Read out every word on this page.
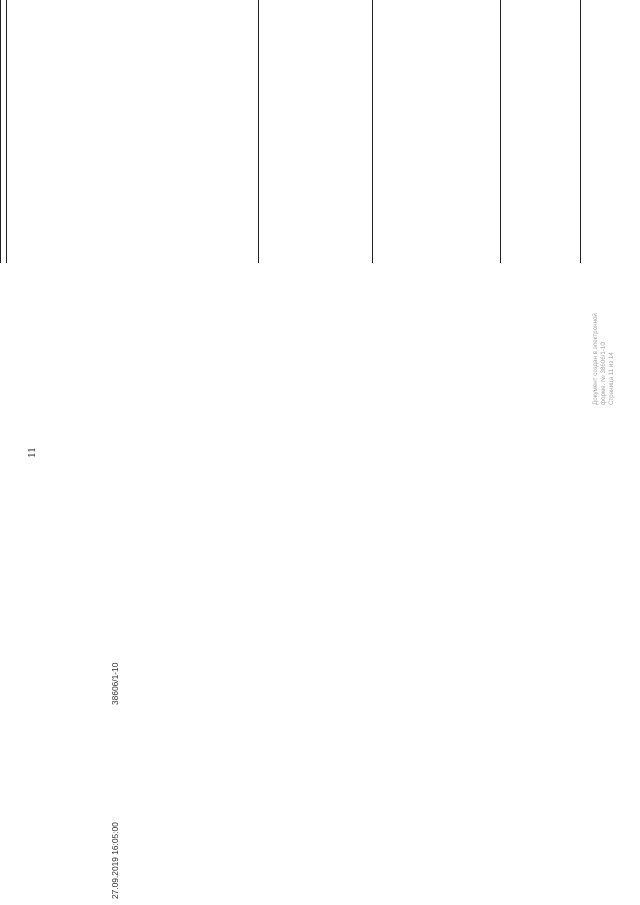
11
27.09.2019 16:05:00
38606/1-10
Документ создан в электронной форме. № 38606/1-10 Страница 11 из 14
